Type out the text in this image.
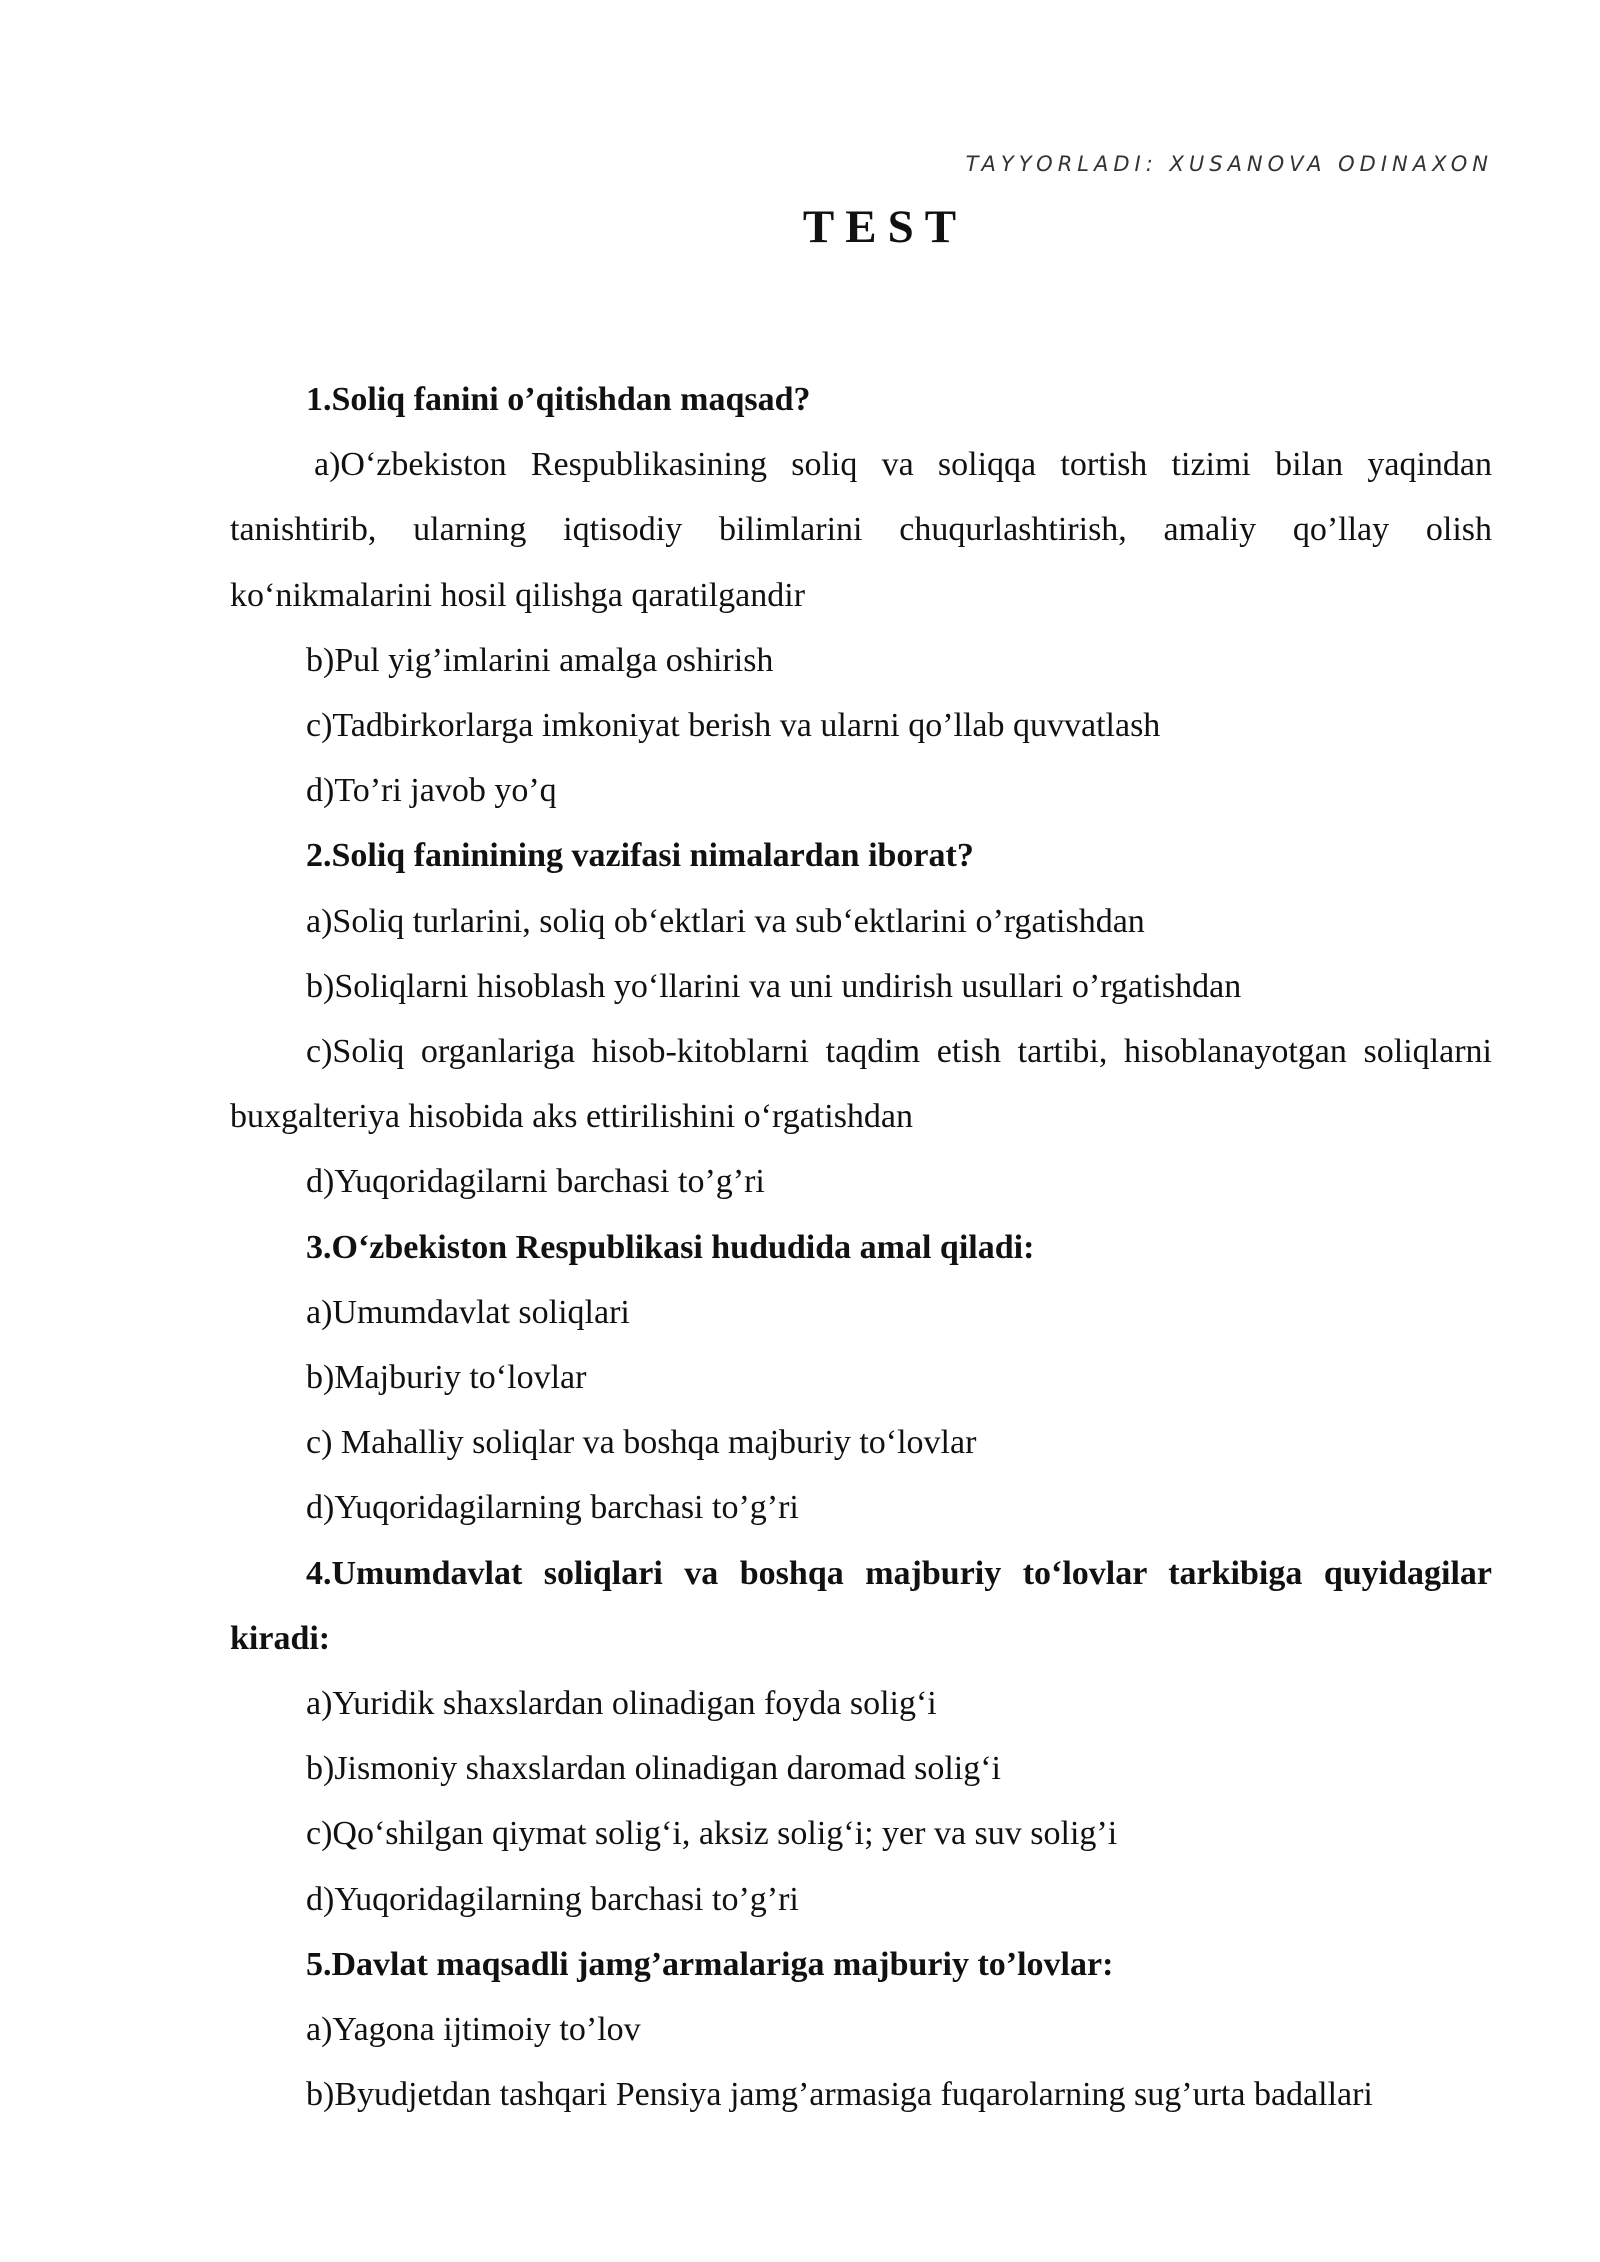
TAYYORLADI: XUSANOVA ODINAXON
TEST

1.Soliq fanini o’qitishdan maqsad?

a)O‘zbekiston Respublikasining soliq va soliqqa tortish tizimi bilan yaqindan tanishtirib, ularning iqtisodiy bilimlarini chuqurlashtirish, amaliy qo’llay olish ko‘nikmalarini hosil qilishga qaratilgandir

b)Pul yig’imlarini amalga oshirish

c)Tadbirkorlarga imkoniyat berish va ularni qo’llab quvvatlash

d)To’ri javob yo’q

2.Soliq faninining vazifasi nimalardan iborat?

a)Soliq turlarini, soliq ob‘ektlari va sub‘ektlarini o’rgatishdan

b)Soliqlarni hisoblash yo‘llarini va uni undirish usullari o’rgatishdan

c)Soliq organlariga hisob-kitoblarni taqdim etish tartibi, hisoblanayotgan soliqlarni buxgalteriya hisobida aks ettirilishini o‘rgatishdan

d)Yuqoridagilarni barchasi to’g’ri

3.O‘zbekiston Respublikasi hududida amal qiladi:

a)Umumdavlat soliqlari

b)Majburiy to‘lovlar

c) Mahalliy soliqlar va boshqa majburiy to‘lovlar

d)Yuqoridagilarning barchasi to’g’ri

4.Umumdavlat soliqlari va boshqa majburiy to‘lovlar tarkibiga quyidagilar kiradi:

a)Yuridik shaxslardan olinadigan foyda solig‘i

b)Jismoniy shaxslardan olinadigan daromad solig‘i

c)Qo‘shilgan qiymat solig‘i, aksiz solig‘i; yer va suv solig’i

d)Yuqoridagilarning barchasi to’g’ri

5.Davlat maqsadli jamg’armalariga majburiy to’lovlar:

a)Yagona ijtimoiy to’lov

b)Byudjetdan tashqari Pensiya jamg’armasiga fuqarolarning sug’urta badallari
